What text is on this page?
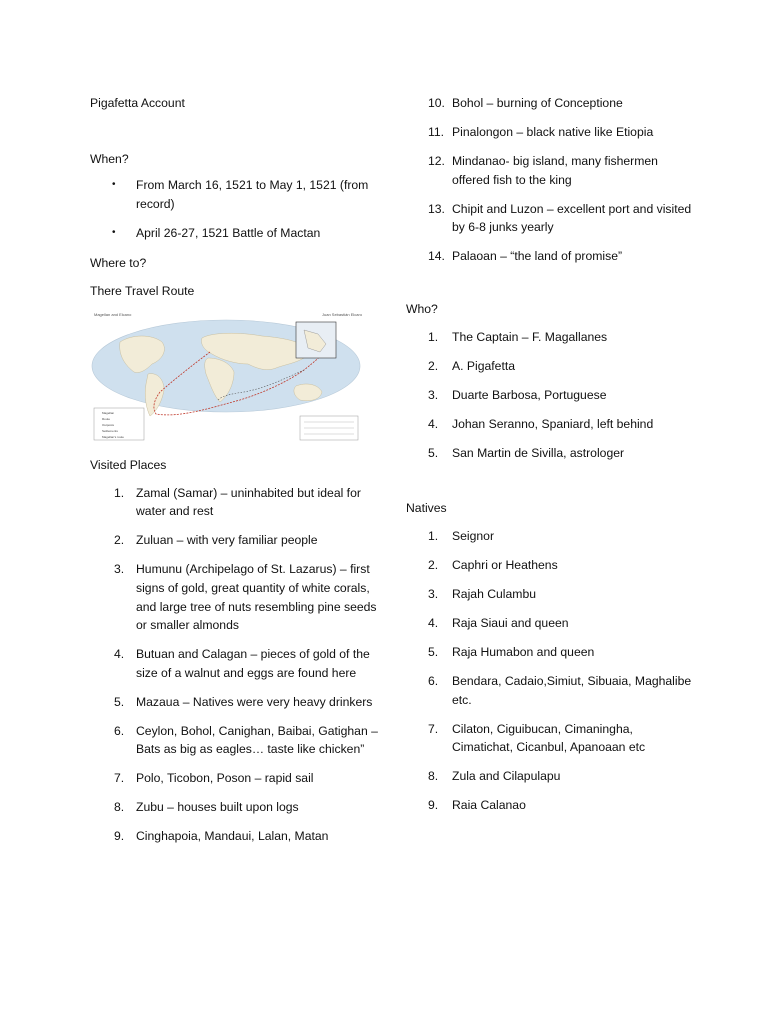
Pigafetta Account

When?

• From March 16, 1521 to May 1, 1521 (from record)
• April 26-27, 1521 Battle of Mactan

Where to?

There Travel Route

Magellan and Elcano	Juan Sebastián Elcano
Magellan
Route
Outposts
Settlements
Magellan's route

Visited Places

1. Zamal (Samar) – uninhabited but ideal for water and rest
2. Zuluan – with very familiar people
3. Humunu (Archipelago of St. Lazarus) – first signs of gold, great quantity of white corals, and large tree of nuts resembling pine seeds or smaller almonds
4. Butuan and Calagan – pieces of gold of the size of a walnut and eggs are found here
5. Mazaua – Natives were very heavy drinkers
6. Ceylon, Bohol, Canighan, Baibai, Gatighan – Bats as big as eagles… taste like chicken”
7. Polo, Ticobon, Poson – rapid sail
8. Zubu – houses built upon logs
9. Cinghapoia, Mandaui, Lalan, Matan
10. Bohol – burning of Conceptione
11. Pinalongon – black native like Etiopia
12. Mindanao- big island, many fishermen offered fish to the king
13. Chipit and Luzon – excellent port and visited by 6-8 junks yearly
14. Palaoan – “the land of promise”

Who?

1. The Captain – F. Magallanes
2. A. Pigafetta
3. Duarte Barbosa, Portuguese
4. Johan Seranno, Spaniard, left behind
5. San Martin de Sivilla, astrologer

Natives

1. Seignor
2. Caphri or Heathens
3. Rajah Culambu
4. Raja Siaui and queen
5. Raja Humabon and queen
6. Bendara, Cadaio,Simiut, Sibuaia, Maghalibe etc.
7. Cilaton, Ciguibucan, Cimaningha, Cimatichat, Cicanbul, Apanoaan etc
8. Zula and Cilapulapu
9. Raia Calanao
